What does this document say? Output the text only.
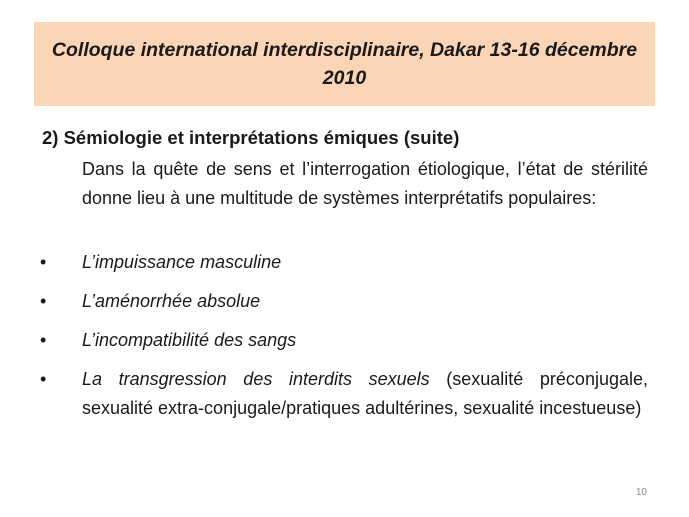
Colloque international interdisciplinaire, Dakar 13-16 décembre 2010

2) Sémiologie et interprétations émiques (suite)

Dans la quête de sens et l’interrogation étiologique, l’état de stérilité donne lieu à une multitude de systèmes interprétatifs populaires:

• L’impuissance masculine
• L’aménorrhée absolue
• L’incompatibilité des sangs
• La transgression des interdits sexuels (sexualité préconjugale, sexualité extra-conjugale/pratiques adultérines, sexualité incestueuse)
10
